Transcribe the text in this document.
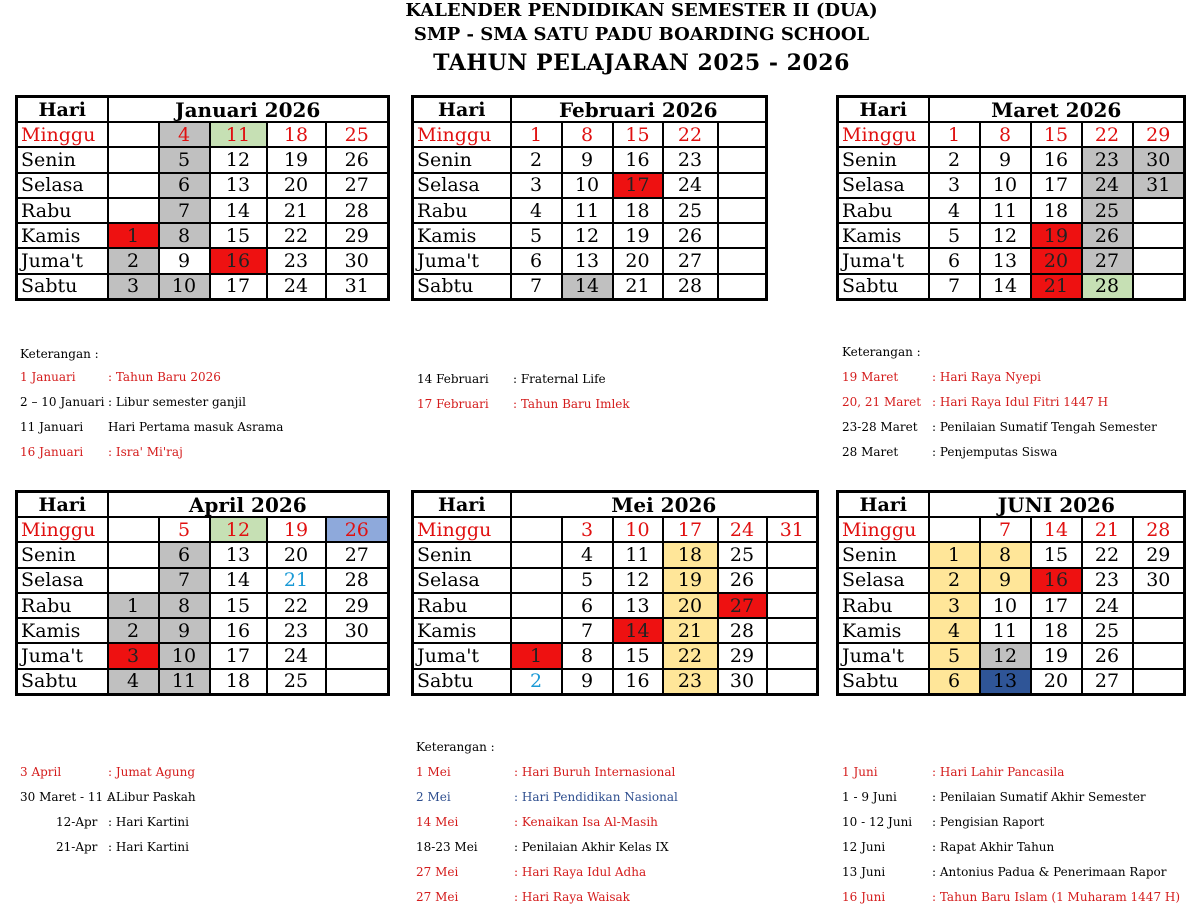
KALENDER PENDIDIKAN SEMESTER II (DUA)
SMP - SMA SATU PADU BOARDING SCHOOL
TAHUN PELAJARAN 2025 - 2026
Hari	Januari 2026				
Minggu		4	11	18	25
Senin		5	12	19	26
Selasa		6	13	20	27
Rabu		7	14	21	28
Kamis	1	8	15	22	29
Juma't	2	9	16	23	30
Sabtu	3	10	17	24	31
Hari	Februari 2026				
Minggu	1	8	15	22	
Senin	2	9	16	23	
Selasa	3	10	17	24	
Rabu	4	11	18	25	
Kamis	5	12	19	26	
Juma't	6	13	20	27	
Sabtu	7	14	21	28	
Hari	Maret 2026				
Minggu	1	8	15	22	29
Senin	2	9	16	23	30
Selasa	3	10	17	24	31
Rabu	4	11	18	25	
Kamis	5	12	19	26	
Juma't	6	13	20	27	
Sabtu	7	14	21	28	
Hari	April 2026				
Minggu		5	12	19	26
Senin		6	13	20	27
Selasa		7	14	21	28
Rabu	1	8	15	22	29
Kamis	2	9	16	23	30
Juma't	3	10	17	24	
Sabtu	4	11	18	25	
Hari	Mei 2026					
Minggu		3	10	17	24	31
Senin		4	11	18	25	
Selasa		5	12	19	26	
Rabu		6	13	20	27	
Kamis		7	14	21	28	
Juma't	1	8	15	22	29	
Sabtu	2	9	16	23	30	
Hari	JUNI 2026				
Minggu		7	14	21	28
Senin	1	8	15	22	29
Selasa	2	9	16	23	30
Rabu	3	10	17	24	
Kamis	4	11	18	25	
Juma't	5	12	19	26	
Sabtu	6	13	20	27	
Keterangan :
1 Januari	: Tahun Baru 2026
2 – 10 Januari : Libur semester ganjil
11 Januari Hari Pertama masuk Asrama
16 Januari : Isra' Mi'raj
14 Februari : Fraternal Life
17 Februari : Tahun Baru Imlek
Keterangan :
19 Maret	: Hari Raya Nyepi
20, 21 Maret : Hari Raya Idul Fitri 1447 H
23-28 Maret : Penilaian Sumatif Tengah Semester
28 Maret	: Penjemputas Siswa
3 April	: Jumat Agung
30 Maret - 11 A
: Libur Paskah
12-Apr : Hari Kartini
21-Apr : Hari Kartini
Keterangan :
1 Mei	: Hari Buruh Internasional
2 Mei	: Hari Pendidikan Nasional
14 Mei	: Kenaikan Isa Al-Masih
18-23 Mei	: Penilaian Akhir Kelas IX
27 Mei	: Hari Raya Idul Adha
27 Mei	: Hari Raya Waisak
1 Juni	: Hari Lahir Pancasila
1 - 9 Juni	: Penilaian Sumatif Akhir Semester
10 - 12 Juni : Pengisian Raport
12 Juni	: Rapat Akhir Tahun
13 Juni	: Antonius Padua & Penerimaan Rapor
16 Juni	: Tahun Baru Islam (1 Muharam 1447 H)
